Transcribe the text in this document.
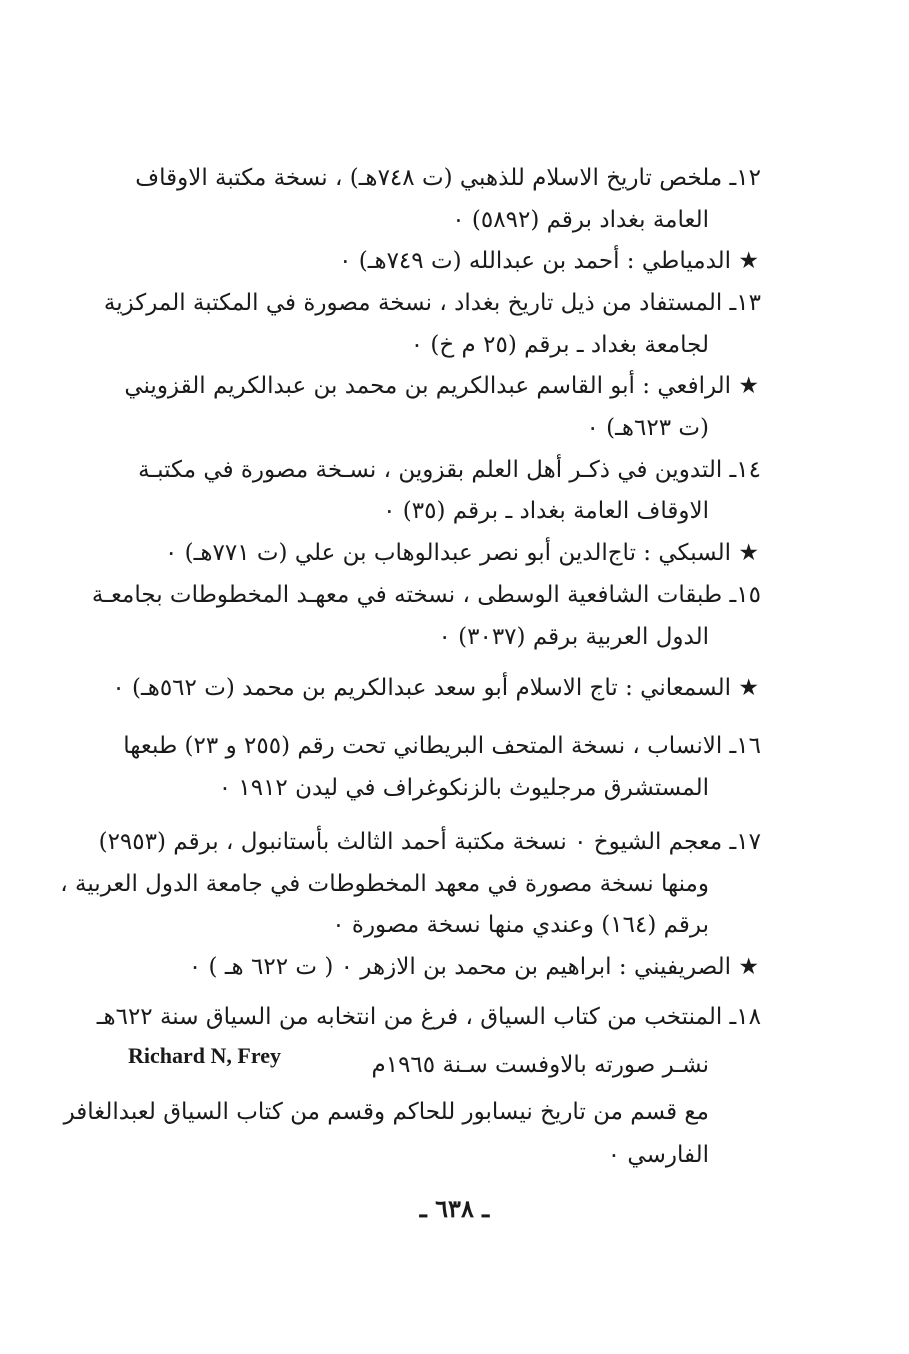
١٢ـ ملخص تاريخ الاسلام للذهبي (ت ٧٤٨هـ) ، نسخة مكتبة الاوقاف
العامة بغداد برقم (٥٨٩٢) ٠
★ الدمياطي : أحمد بن عبدالله (ت ٧٤٩هـ) ٠
١٣ـ المستفاد من ذيل تاريخ بغداد ، نسخة مصورة في المكتبة المركزية
لجامعة بغداد ـ برقم (٢٥ م خ) ٠
★ الرافعي : أبو القاسم عبدالكريم بن محمد بن عبدالكريم القزويني
(ت ٦٢٣هـ) ٠
١٤ـ التدوين في ذكـر أهل العلم بقزوين ، نسـخة مصورة في مكتبـة
الاوقاف العامة بغداد ـ برقم (٣٥) ٠
★ السبكي : تاج‌الدين أبو نصر عبدالوهاب بن علي (ت ٧٧١هـ) ٠
١٥ـ طبقات الشافعية الوسطى ، نسخته في معهـد المخطوطات بجامعـة
الدول العربية برقم (٣٠٣٧) ٠
★ السمعاني : تاج الاسلام أبو سعد عبدالكريم بن محمد (ت ٥٦٢هـ) ٠
١٦ـ الانساب ، نسخة المتحف البريطاني تحت رقم (٢٥٥ و ٢٣) طبعها
المستشرق مرجليوث بالزنكوغراف في ليدن ١٩١٢ ٠
١٧ـ معجم الشيوخ ٠ نسخة مكتبة أحمد الثالث بأستانبول ، برقم (٢٩٥٣)
ومنها نسخة مصورة في معهد المخطوطات في جامعة الدول العربية ،
برقم (١٦٤) وعندي منها نسخة مصورة ٠
★ الصريفيني : ابراهيم بن محمد بن الازهر ٠ ( ت ٦٢٢ هـ ) ٠
١٨ـ المنتخب من كتاب السياق ، فرغ من انتخابه من السياق سنة ٦٢٢هـ
Richard N, Frey	نشـر صورته بالاوفست سـنة ١٩٦٥م
مع قسم من تاريخ نيسابور للحاكم وقسم من كتاب السياق لعبدالغافر
الفارسي ٠
ـ ٦٣٨ ـ
